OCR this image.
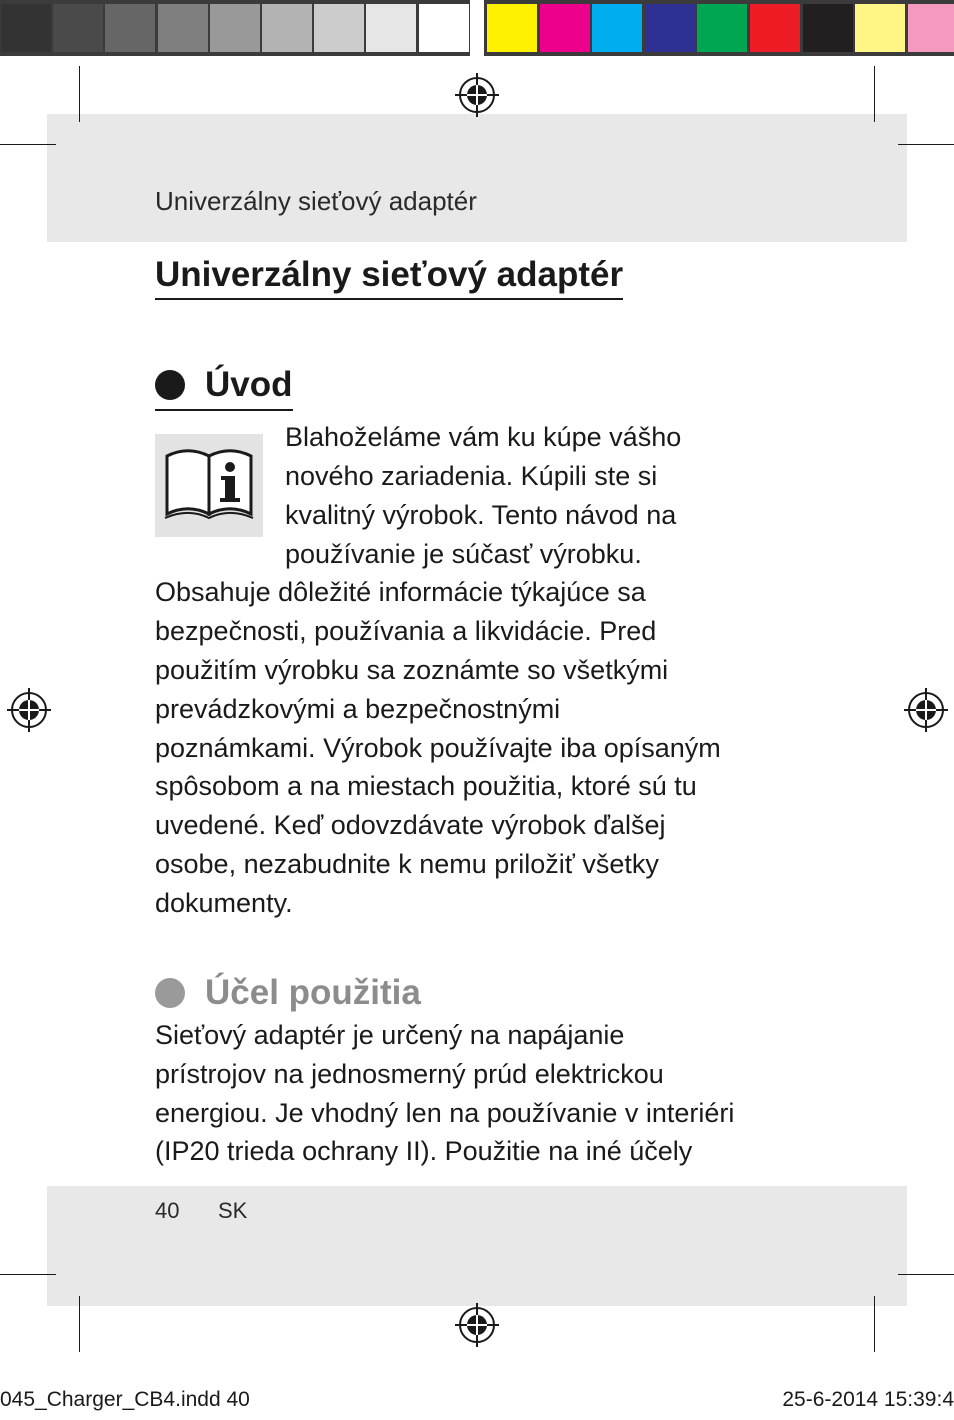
Univerzálny sieťový adaptér
Univerzálny sieťový adaptér
Úvod
Blahoželáme vám ku kúpe vášho
nového zariadenia. Kúpili ste si
kvalitný výrobok. Tento návod na
používanie je súčasť výrobku.
Obsahuje dôležité informácie týkajúce sa
bezpečnosti, používania a likvidácie. Pred
použitím výrobku sa zoznámte so všetkými
prevádzkovými a bezpečnostnými
poznámkami. Výrobok používajte iba opísaným
spôsobom a na miestach použitia, ktoré sú tu
uvedené. Keď odovzdávate výrobok ďalšej
osobe, nezabudnite k nemu priložiť všetky
dokumenty.
Účel použitia
Sieťový adaptér je určený na napájanie
prístrojov na jednosmerný prúd elektrickou
energiou. Je vhodný len na používanie v interiéri
(IP20 trieda ochrany II). Použitie na iné účely
40 SK
045_Charger_CB4.indd 40	25-6-2014 15:39:4
